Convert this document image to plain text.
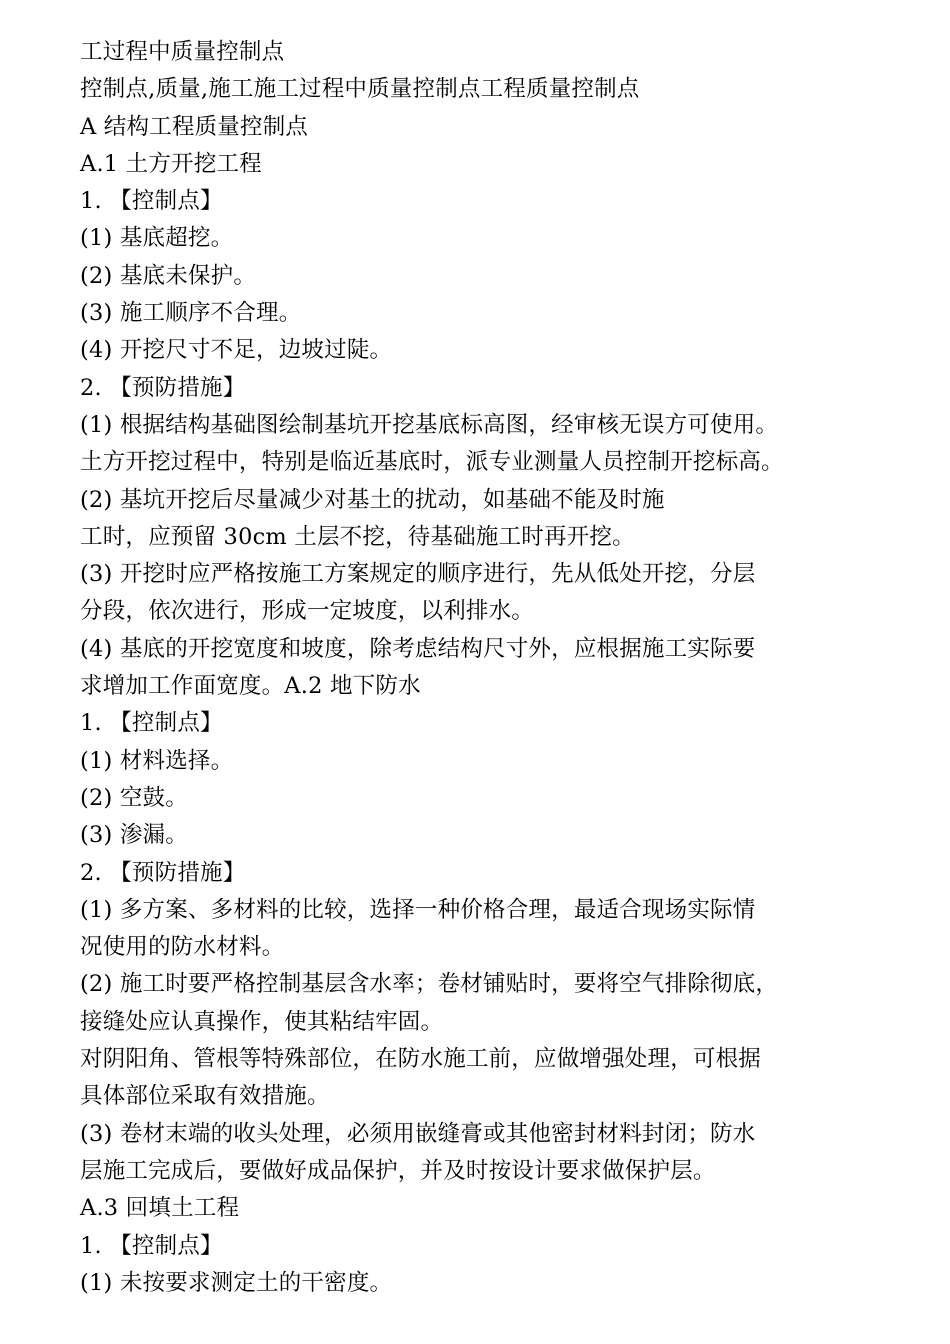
工过程中质量控制点
控制点,质量,施工施工过程中质量控制点工程质量控制点
A 结构工程质量控制点
A.1 土方开挖工程
1. 【控制点】
(1) 基底超挖。
(2) 基底未保护。
(3) 施工顺序不合理。
(4) 开挖尺寸不足，边坡过陡。
2. 【预防措施】
(1) 根据结构基础图绘制基坑开挖基底标高图，经审核无误方可使用。
土方开挖过程中，特别是临近基底时，派专业测量人员控制开挖标高。
(2) 基坑开挖后尽量减少对基土的扰动，如基础不能及时施
工时，应预留 30cm 土层不挖，待基础施工时再开挖。
(3) 开挖时应严格按施工方案规定的顺序进行，先从低处开挖，分层
分段，依次进行，形成一定坡度，以利排水。
(4) 基底的开挖宽度和坡度，除考虑结构尺寸外，应根据施工实际要
求增加工作面宽度。A.2 地下防水
1. 【控制点】
(1) 材料选择。
(2) 空鼓。
(3) 渗漏。
2. 【预防措施】
(1) 多方案、多材料的比较，选择一种价格合理，最适合现场实际情
况使用的防水材料。
(2) 施工时要严格控制基层含水率；卷材铺贴时，要将空气排除彻底，
接缝处应认真操作，使其粘结牢固。
对阴阳角、管根等特殊部位，在防水施工前，应做增强处理，可根据
具体部位采取有效措施。
(3) 卷材末端的收头处理，必须用嵌缝膏或其他密封材料封闭；防水
层施工完成后，要做好成品保护，并及时按设计要求做保护层。
A.3 回填土工程
1. 【控制点】
(1) 未按要求测定土的干密度。
